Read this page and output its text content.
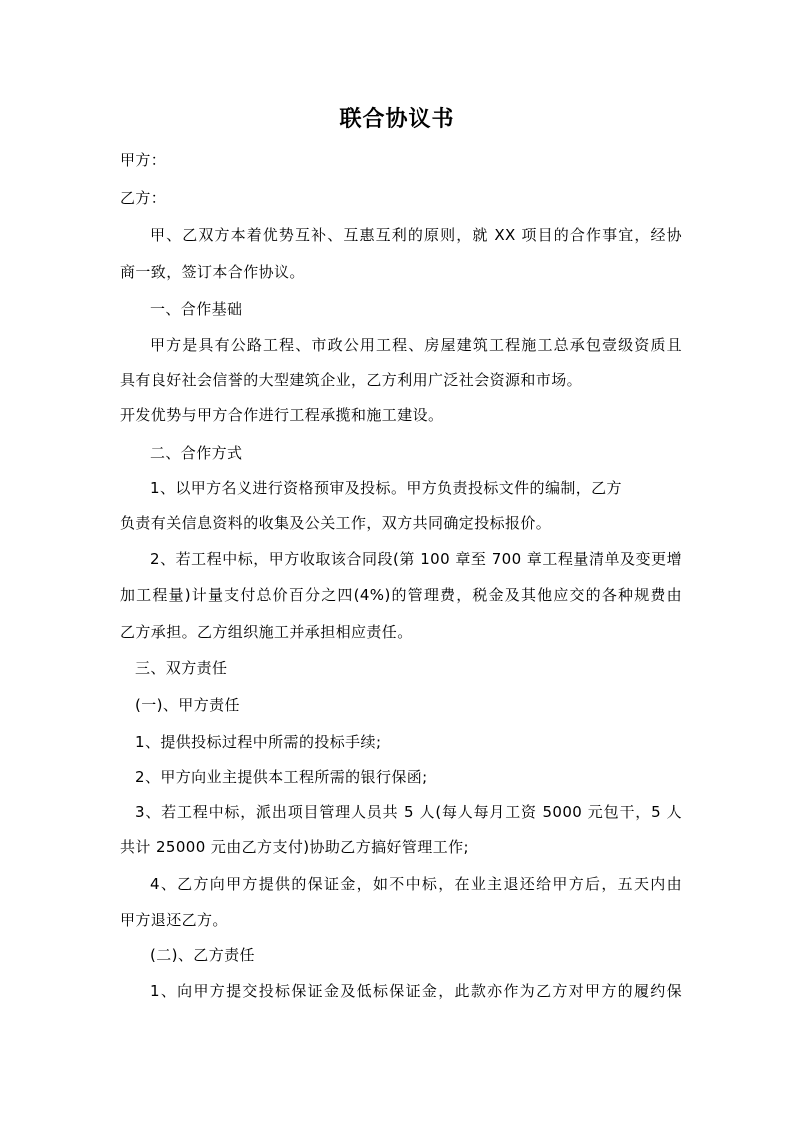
联合协议书
甲方：
乙方：
甲、乙双方本着优势互补、互惠互利的原则，就 XX 项目的合作事宜，经协
商一致，签订本合作协议。
一、合作基础
甲方是具有公路工程、市政公用工程、房屋建筑工程施工总承包壹级资质且
具有良好社会信誉的大型建筑企业，乙方利用广泛社会资源和市场。
开发优势与甲方合作进行工程承揽和施工建设。
二、合作方式
1、以甲方名义进行资格预审及投标。甲方负责投标文件的编制，乙方
负责有关信息资料的收集及公关工作，双方共同确定投标报价。
2、若工程中标，甲方收取该合同段(第 100 章至 700 章工程量清单及变更增
加工程量)计量支付总价百分之四(4%)的管理费，税金及其他应交的各种规费由
乙方承担。乙方组织施工并承担相应责任。
三、双方责任
(一)、甲方责任
1、提供投标过程中所需的投标手续;
2、甲方向业主提供本工程所需的银行保函;
3、若工程中标，派出项目管理人员共 5 人(每人每月工资 5000 元包干，5 人
共计 25000 元由乙方支付)协助乙方搞好管理工作;
4、乙方向甲方提供的保证金，如不中标，在业主退还给甲方后，五天内由
甲方退还乙方。
(二)、乙方责任
1、向甲方提交投标保证金及低标保证金，此款亦作为乙方对甲方的履约保
